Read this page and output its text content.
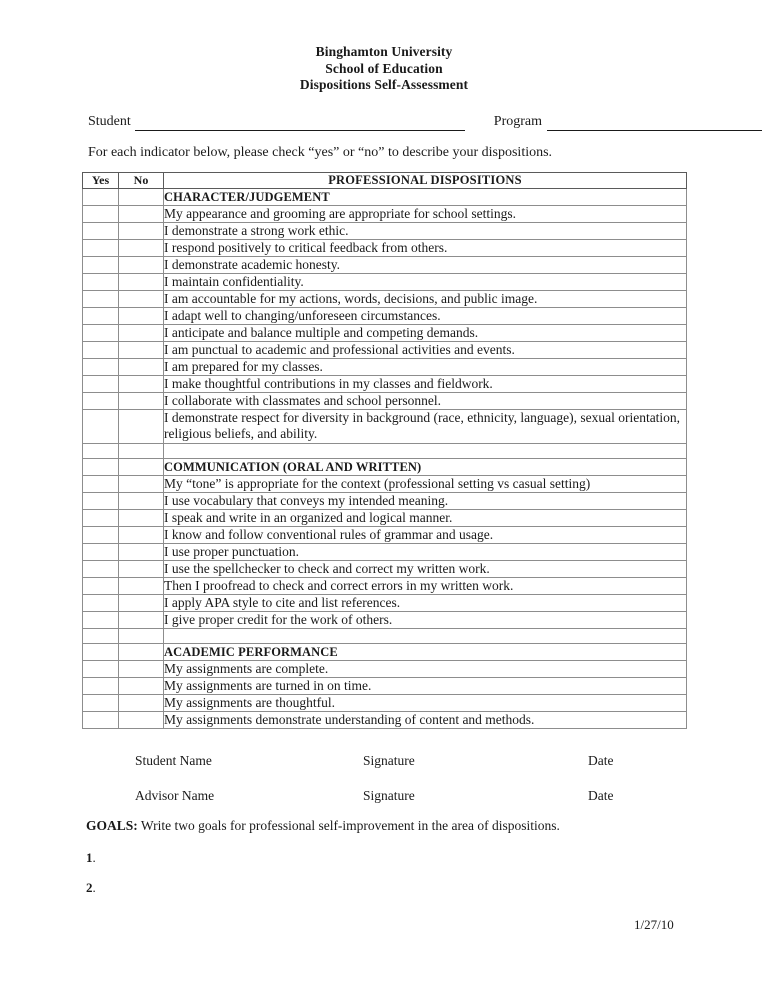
Binghamton University
School of Education
Dispositions Self-Assessment
Student	Program
For each indicator below, please check “yes” or “no” to describe your dispositions.
Yes	No	PROFESSIONAL DISPOSITIONS
		CHARACTER/JUDGEMENT
		My appearance and grooming are appropriate for school settings.
		I demonstrate a strong work ethic.
		I respond positively to critical feedback from others.
		I demonstrate academic honesty.
		I maintain confidentiality.
		I am accountable for my actions, words, decisions, and public image.
		I adapt well to changing/unforeseen circumstances.
		I anticipate and balance multiple and competing demands.
		I am punctual to academic and professional activities and events.
		I am prepared for my classes.
		I make thoughtful contributions in my classes and fieldwork.
		I collaborate with classmates and school personnel.
		I demonstrate respect for diversity in background (race, ethnicity, language), sexual orientation, religious beliefs, and ability.

		COMMUNICATION (ORAL AND WRITTEN)
		My “tone” is appropriate for the context (professional setting vs casual setting)
		I use vocabulary that conveys my intended meaning.
		I speak and write in an organized and logical manner.
		I know and follow conventional rules of grammar and usage.
		I use proper punctuation.
		I use the spellchecker to check and correct my written work.
		Then I proofread to check and correct errors in my written work.
		I apply APA style to cite and list references.
		I give proper credit for the work of others.

		ACADEMIC PERFORMANCE
		My assignments are complete.
		My assignments are turned in on time.
		My assignments are thoughtful.
		My assignments demonstrate understanding of content and methods.
Student Name	Signature	Date
Advisor Name	Signature	Date
GOALS: Write two goals for professional self-improvement in the area of dispositions.
1.
2.
1/27/10
